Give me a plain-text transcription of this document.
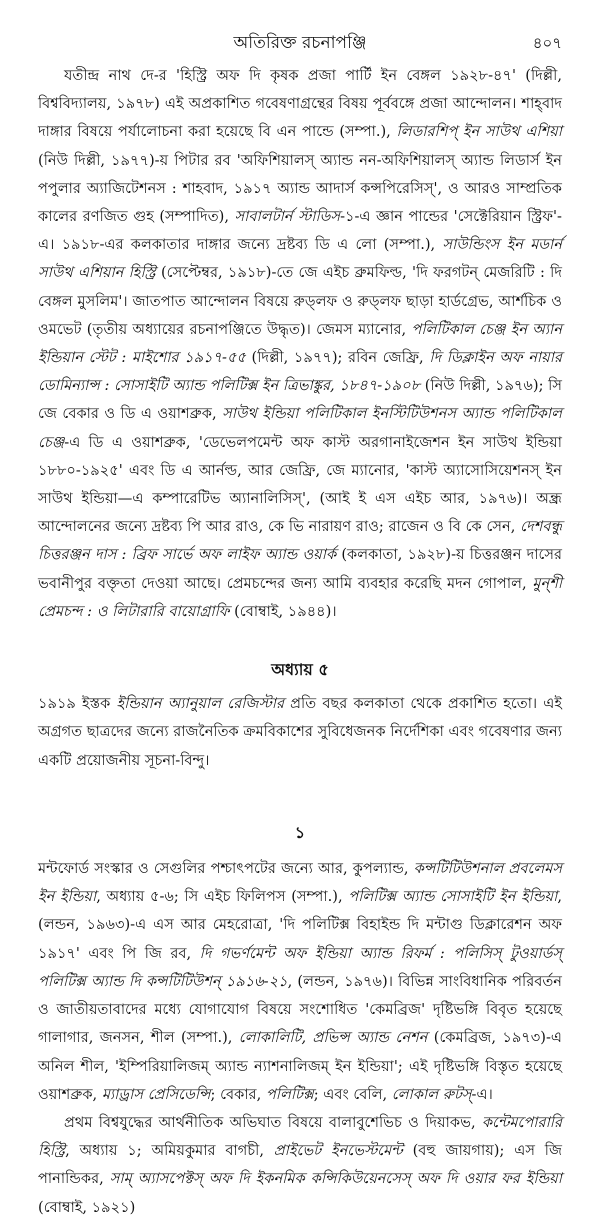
অতিরিক্ত রচনাপঞ্জি	৪০৭

যতীন্দ্র নাথ দে-র 'হিস্ট্রি অফ দি কৃষক প্রজা পার্টি ইন বেঙ্গল ১৯২৮-৪৭' (দিল্লী, বিশ্ববিদ্যালয়, ১৯৭৮) এই অপ্রকাশিত গবেষণাগ্রন্থের বিষয় পূর্ববঙ্গে প্রজা আন্দোলন। শাহ্‌বাদ দাঙ্গার বিষয়ে পর্যালোচনা করা হয়েছে বি এন পান্ডে (সম্পা.), লিডারশিপ্ ইন সাউথ এশিয়া (নিউ দিল্লী, ১৯৭৭)-য় পিটার রব 'অফিশিয়ালস্ অ্যান্ড নন-অফিশিয়ালস্ অ্যান্ড লিডার্স ইন পপুলার অ্যাজিটেশনস : শাহবাদ, ১৯১৭ অ্যান্ড আদার্স কন্সপিরেসিস্', ও আরও সাম্প্রতিক কালের রণজিত গুহ (সম্পাদিত), সাবালটার্ন স্টাডিস-১-এ জ্ঞান পান্ডের 'সেক্টেরিয়ান স্ট্রিফ'-এ। ১৯১৮-এর কলকাতার দাঙ্গার জন্যে দ্রষ্টব্য ডি এ লো (সম্পা.), সাউন্ডিংস ইন মডার্ন সাউথ এশিয়ান হিস্ট্রি (সেপ্টেম্বর, ১৯১৮)-তে জে এইচ ব্রুমফিল্ড, 'দি ফরগটন্ মেজরিটি : দি বেঙ্গল মুসলিম'। জাতপাত আন্দোলন বিষয়ে রুড্‌লফ ও রুড্‌লফ ছাড়া হার্ডগ্রেভ, আর্শচিক ও ওমভেট (তৃতীয় অধ্যায়ের রচনাপঞ্জিতে উদ্ধৃত)। জেমস ম্যানোর, পলিটিকাল চেঞ্জ ইন অ্যান ইন্ডিয়ান স্টেট : মাইশোর ১৯১৭-৫৫ (দিল্লী, ১৯৭৭); রবিন জেফ্রি, দি ডিক্লাইন অফ নায়ার ডোমিন্যান্স : সোসাইটি অ্যান্ড পলিটিক্স ইন ত্রিভাঙ্কুর, ১৮৪৭-১৯০৮ (নিউ দিল্লী, ১৯৭৬); সি জে বেকার ও ডি এ ওয়াশব্রুক, সাউথ ইন্ডিয়া পলিটিকাল ইনস্টিটিউশনস অ্যান্ড পলিটিকাল চেঞ্জ-এ ডি এ ওয়াশব্রুক, 'ডেভেলপমেন্ট অফ কাস্ট অরগানাইজেশন ইন সাউথ ইন্ডিয়া ১৮৮০-১৯২৫' এবং ডি এ আর্নল্ড, আর জেফ্রি, জে ম্যানোর, 'কাস্ট অ্যাসোসিয়েশনস্ ইন সাউথ ইন্ডিয়া—এ কম্পারেটিভ অ্যানালিসিস্', (আই ই এস এইচ আর, ১৯৭৬)। অন্ধ্র আন্দোলনের জন্যে দ্রষ্টব্য পি আর রাও, কে ভি নারায়ণ রাও; রাজেন ও বি কে সেন, দেশবন্ধু চিত্তরঞ্জন দাস : ব্রিফ সার্ভে অফ লাইফ অ্যান্ড ওয়ার্ক (কলকাতা, ১৯২৮)-য় চিত্তরঞ্জন দাসের ভবানীপুর বক্তৃতা দেওয়া আছে। প্রেমচন্দের জন্য আমি ব্যবহার করেছি মদন গোপাল, মুন্‌শী প্রেমচন্দ : ও লিটারারি বায়োগ্রাফি (বোম্বাই, ১৯৪৪)।

অধ্যায় ৫

১৯১৯ ইস্তক ইন্ডিয়ান অ্যানুয়াল রেজিস্টার প্রতি বছর কলকাতা থেকে প্রকাশিত হতো। এই অগ্রগত ছাত্রদের জন্যে রাজনৈতিক ক্রমবিকাশের সুবিধেজনক নির্দেশিকা এবং গবেষণার জন্য একটি প্রয়োজনীয় সূচনা-বিন্দু।

১

মন্টফোর্ড সংস্কার ও সেগুলির পশ্চাৎপটের জন্যে আর, কুপল্যান্ড, কন্সটিটিউশনাল প্রবলেমস ইন ইন্ডিয়া, অধ্যায় ৫-৬; সি এইচ ফিলিপস (সম্পা.), পলিটিক্স অ্যান্ড সোসাইটি ইন ইন্ডিয়া, (লন্ডন, ১৯৬৩)-এ এস আর মেহরোত্রা, 'দি পলিটিক্স বিহাইন্ড দি মন্টাগু ডিক্লারেশন অফ ১৯১৭' এবং পি জি রব, দি গভর্ণমেন্ট অফ ইন্ডিয়া অ্যান্ড রিফর্ম : পলিসিস্ টুওয়ার্ডস্ পলিটিক্স অ্যান্ড দি কন্সটিটিউশন্ ১৯১৬-২১, (লন্ডন, ১৯৭৬)। বিভিন্ন সাংবিধানিক পরিবর্তন ও জাতীয়তাবাদের মধ্যে যোগাযোগ বিষয়ে সংশোধিত 'কেমব্রিজ' দৃষ্টিভঙ্গি বিবৃত হয়েছে গালাগার, জনসন, শীল (সম্পা.), লোকালিটি, প্রভিন্স অ্যান্ড নেশন (কেমব্রিজ, ১৯৭৩)-এ অনিল শীল, 'ইম্পিরিয়ালিজম্ অ্যান্ড ন্যাশনালিজম্ ইন ইন্ডিয়া'; এই দৃষ্টিভঙ্গি বিস্তৃত হয়েছে ওয়াশব্রুক, ম্যাড্রাস প্রেসিডেন্সি; বেকার, পলিটিক্স; এবং বেলি, লোকাল রুটস্-এ।

প্রথম বিশ্বযুদ্ধের আর্থনীতিক অভিঘাত বিষয়ে বালাবুশেভিচ ও দিয়াকভ, কন্টেমপোরারি হিস্ট্রি, অধ্যায় ১; অমিয়কুমার বাগচী, প্রাইভেট ইনভেস্টমেন্ট (বহু জায়গায়); এস জি পানান্ডিকর, সাম্ অ্যাসপেক্টস্ অফ দি ইকনমিক কন্সিকিউয়েনসেস্ অফ দি ওয়ার ফর ইন্ডিয়া (বোম্বাই, ১৯২১)
